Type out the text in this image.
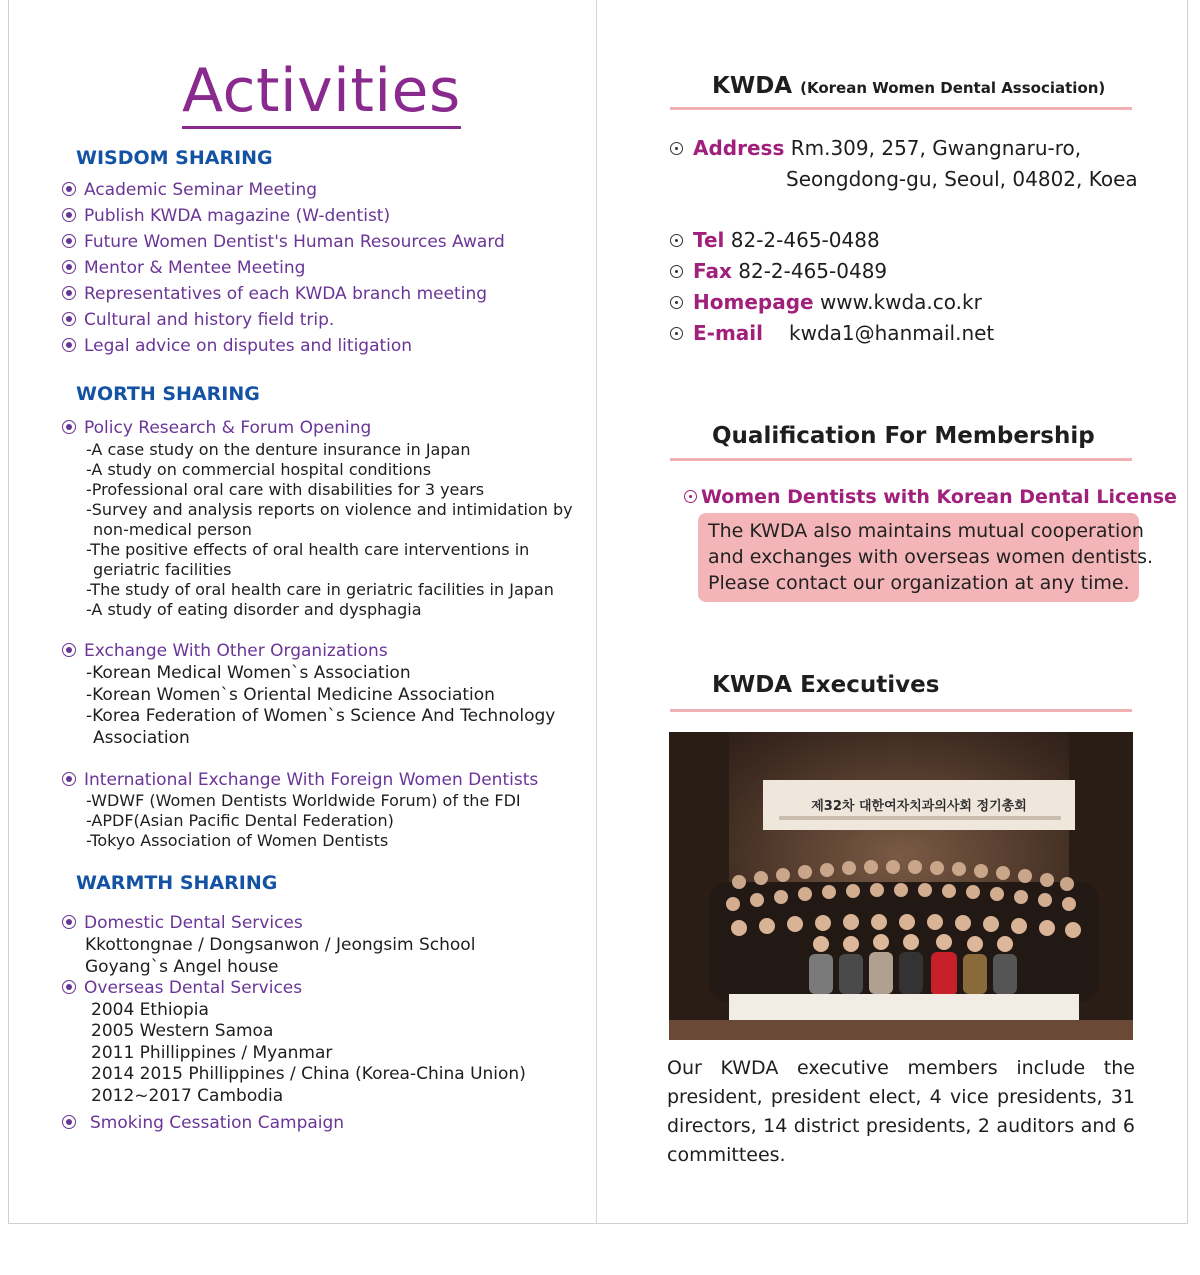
Activities
WISDOM SHARING
Academic Seminar Meeting
Publish KWDA magazine (W-dentist)
Future Women Dentist's Human Resources Award
Mentor & Mentee Meeting
Representatives of each KWDA branch meeting
Cultural and history field trip.
Legal advice on disputes and litigation
WORTH SHARING
Policy Research & Forum Opening
-A case study on the denture insurance in Japan
-A study on commercial hospital conditions
-Professional oral care with disabilities for 3 years
-Survey and analysis reports on violence and intimidation by
non-medical person
-The positive effects of oral health care interventions in
geriatric facilities
-The study of oral health care in geriatric facilities in Japan
-A study of eating disorder and dysphagia
Exchange With Other Organizations
-Korean Medical Women`s Association
-Korean Women`s Oriental Medicine Association
-Korea Federation of Women`s Science And Technology
Association
International Exchange With Foreign Women Dentists
-WDWF (Women Dentists Worldwide Forum) of the FDI
-APDF(Asian Pacific Dental Federation)
-Tokyo Association of Women Dentists
WARMTH SHARING
Domestic Dental Services
Kkottongnae / Dongsanwon / Jeongsim School
Goyang`s Angel house
Overseas Dental Services
2004 Ethiopia
2005 Western Samoa
2011 Phillippines / Myanmar
2014 2015 Phillippines / China (Korea-China Union)
2012~2017 Cambodia
Smoking Cessation Campaign
KWDA (Korean Women Dental Association)
Address Rm.309, 257, Gwangnaru-ro,
Seongdong-gu, Seoul, 04802, Koea
Tel 82-2-465-0488
Fax 82-2-465-0489
Homepage www.kwda.co.kr
E-mail kwda1@hanmail.net
Qualification For Membership
Women Dentists with Korean Dental License
The KWDA also maintains mutual cooperation
and exchanges with overseas women dentists.
Please contact our organization at any time.
KWDA Executives
제32차 대한여자치과의사회 정기총회
Our KWDA executive members include the president, president elect, 4 vice presidents, 31 directors, 14 district presidents, 2 auditors and 6 committees.
